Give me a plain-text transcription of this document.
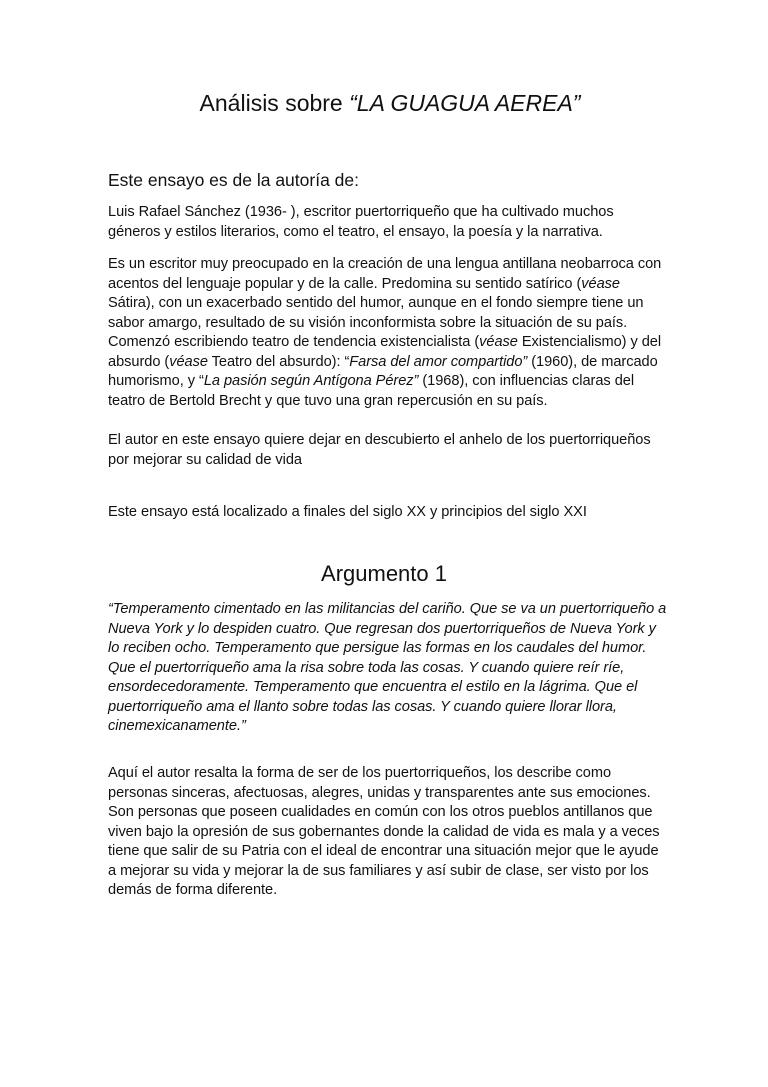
Análisis sobre “LA GUAGUA AEREA”
Este ensayo es de la autoría de:
Luis Rafael Sánchez (1936- ), escritor puertorriqueño que ha cultivado muchos géneros y estilos literarios, como el teatro, el ensayo, la poesía y la narrativa.
Es un escritor muy preocupado en la creación de una lengua antillana neobarroca con acentos del lenguaje popular y de la calle. Predomina su sentido satírico (véase Sátira), con un exacerbado sentido del humor, aunque en el fondo siempre tiene un sabor amargo, resultado de su visión inconformista sobre la situación de su país. Comenzó escribiendo teatro de tendencia existencialista (véase Existencialismo) y del absurdo (véase Teatro del absurdo): “Farsa del amor compartido” (1960), de marcado humorismo, y “La pasión según Antígona Pérez” (1968), con influencias claras del teatro de Bertold Brecht y que tuvo una gran repercusión en su país.
El autor en este ensayo quiere dejar en descubierto el anhelo de los puertorriqueños por mejorar su calidad de vida
Este ensayo está localizado a finales del siglo XX y principios del siglo XXI
Argumento 1
“Temperamento cimentado en las militancias del cariño. Que se va un puertorriqueño a Nueva York y lo despiden cuatro. Que regresan dos puertorriqueños de Nueva York y lo reciben ocho. Temperamento que persigue las formas en los caudales del humor. Que el puertorriqueño ama la risa sobre toda las cosas. Y cuando quiere reír ríe, ensordecedoramente. Temperamento que encuentra el estilo en la lágrima. Que el puertorriqueño ama el llanto sobre todas las cosas. Y cuando quiere llorar llora, cinemexicanamente.”
Aquí el autor resalta la forma de ser de los puertorriqueños, los describe como personas sinceras, afectuosas, alegres, unidas y transparentes ante sus emociones. Son personas que poseen cualidades en común con los otros pueblos antillanos que viven bajo la opresión de sus gobernantes donde la calidad de vida es mala y a veces tiene que salir de su Patria con el ideal de encontrar una situación mejor que le ayude a mejorar su vida y mejorar la de sus familiares y así subir de clase, ser visto por los demás de forma diferente.
